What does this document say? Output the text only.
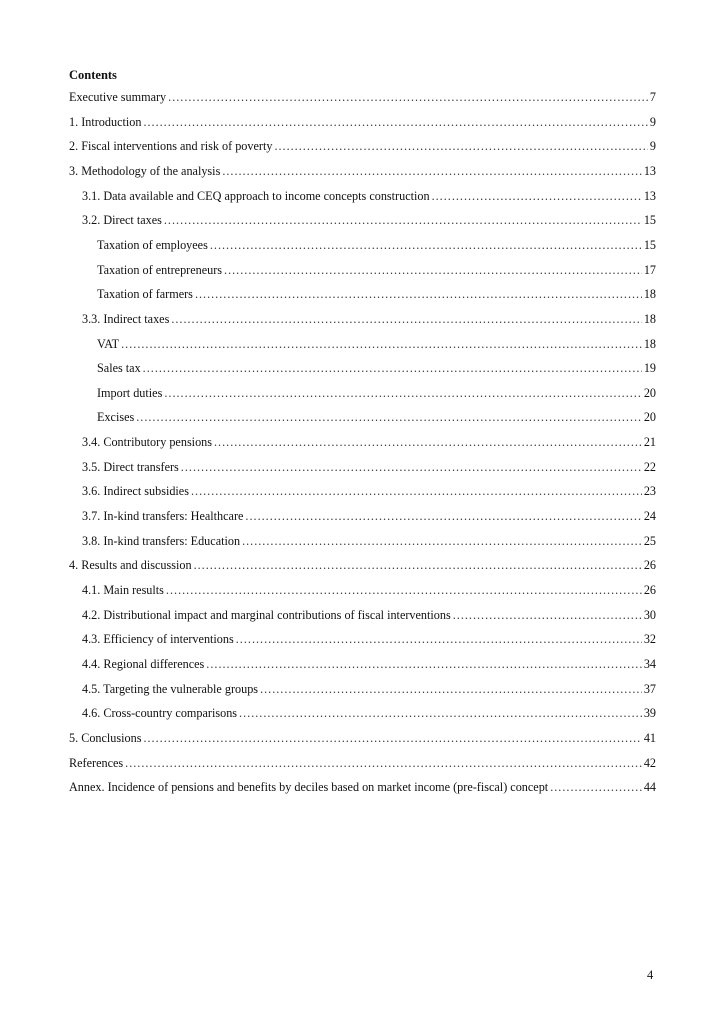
Contents
Executive summary .....	7
1. Introduction .....	9
2. Fiscal interventions and risk of poverty .....	9
3. Methodology of the analysis .....	13
3.1. Data available and CEQ approach to income concepts construction .....	13
3.2. Direct taxes .....	15
Taxation of employees .....	15
Taxation of entrepreneurs .....	17
Taxation of farmers .....	18
3.3. Indirect taxes .....	18
VAT .....	18
Sales tax .....	19
Import duties .....	20
Excises .....	20
3.4. Contributory pensions .....	21
3.5. Direct transfers .....	22
3.6. Indirect subsidies .....	23
3.7. In-kind transfers: Healthcare .....	24
3.8. In-kind transfers: Education .....	25
4. Results and discussion .....	26
4.1. Main results .....	26
4.2. Distributional impact and marginal contributions of fiscal interventions .....	30
4.3. Efficiency of interventions .....	32
4.4. Regional differences .....	34
4.5. Targeting the vulnerable groups .....	37
4.6. Cross-country comparisons .....	39
5. Conclusions .....	41
References .....	42
Annex. Incidence of pensions and benefits by deciles based on market income (pre-fiscal) concept .....	44
4
